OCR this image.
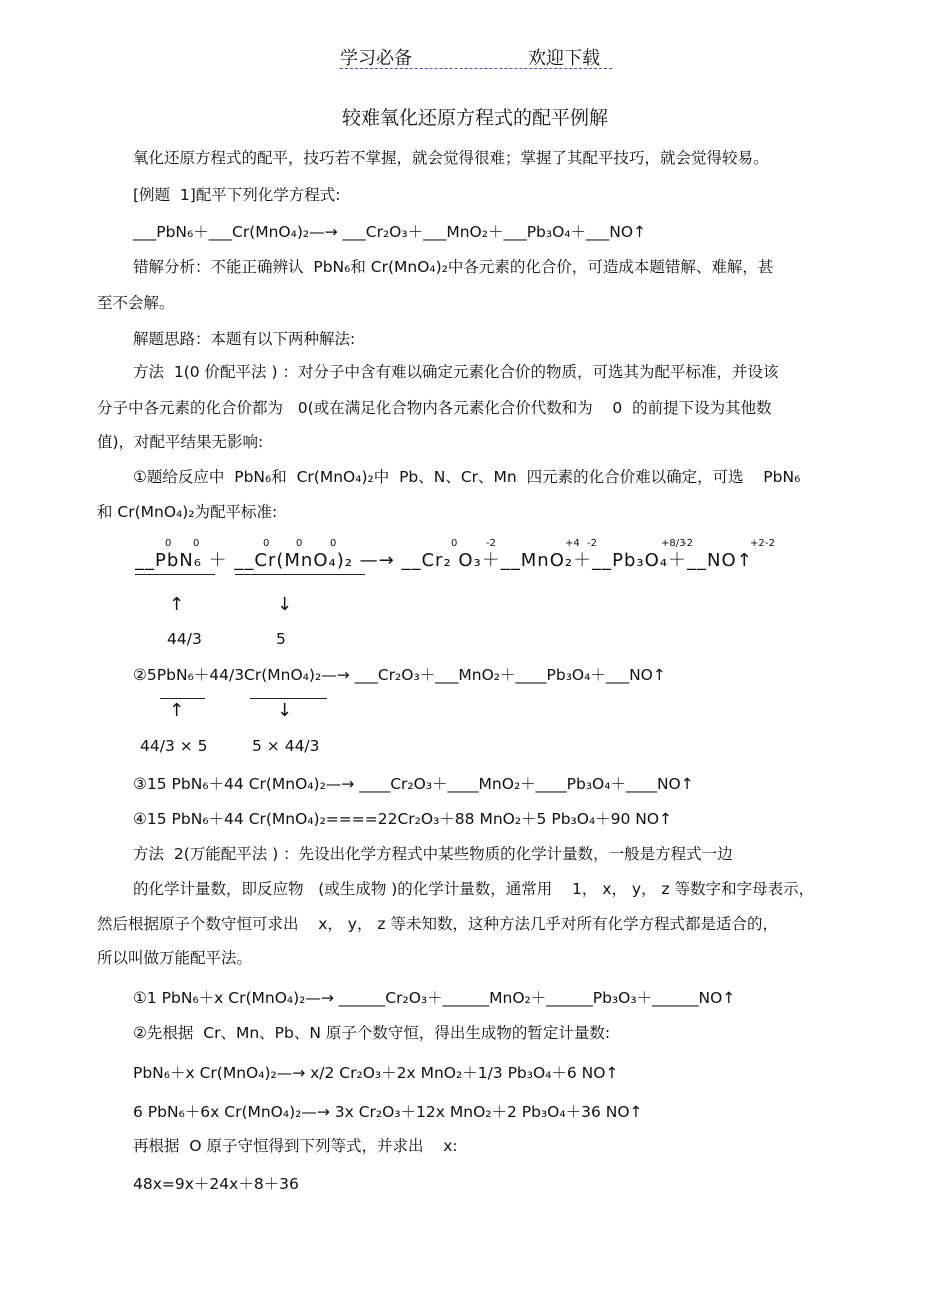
学习必备	欢迎下载
较难氧化还原方程式的配平例解
氧化还原方程式的配平，技巧若不掌握，就会觉得很难；掌握了其配平技巧，就会觉得较易。
[例题  1]配平下列化学方程式:
___PbN₆＋___Cr(MnO₄)₂—→ ___Cr₂O₃＋___MnO₂＋___Pb₃O₄＋___NO↑
错解分析：不能正确辨认  PbN₆和 Cr(MnO₄)₂中各元素的化合价，可造成本题错解、难解，甚
至不会解。
解题思路：本题有以下两种解法:
方法  1(0 价配平法 ) ：对分子中含有难以确定元素化合价的物质，可选其为配平标准，并设该
分子中各元素的化合价都为   0(或在满足化合物内各元素化合价代数和为    0  的前提下设为其他数
值)，对配平结果无影响:
①题给反应中  PbN₆和  Cr(MnO₄)₂中  Pb、N、Cr、Mn  四元素的化合价难以确定，可选    PbN₆
和 Cr(MnO₄)₂为配平标准:
0 0	0	0	0	0	-2	+4 -2	+8/3
-2	+2 -2
__PbN₆ ＋ __Cr(MnO₄)₂ —→ __Cr₂ O₃＋__MnO₂＋__Pb₃O₄＋__NO↑
↑	↓
44/3	5
②5PbN₆＋44/3Cr(MnO₄)₂—→ ___Cr₂O₃＋___MnO₂＋____Pb₃O₄＋___NO↑
↑	↓
44/3 × 5	5 × 44/3
③15 PbN₆＋44 Cr(MnO₄)₂—→ ____Cr₂O₃＋____MnO₂＋____Pb₃O₄＋____NO↑
④15 PbN₆＋44 Cr(MnO₄)₂====22Cr₂O₃＋88 MnO₂＋5 Pb₃O₄＋90 NO↑
方法  2(万能配平法 ) ：先设出化学方程式中某些物质的化学计量数，一般是方程式一边
的化学计量数，即反应物   (或生成物 )的化学计量数，通常用    1， x， y， z 等数字和字母表示，
然后根据原子个数守恒可求出    x， y， z 等未知数，这种方法几乎对所有化学方程式都是适合的，
所以叫做万能配平法。
①1 PbN₆＋x Cr(MnO₄)₂—→ ______Cr₂O₃＋______MnO₂＋______Pb₃O₃＋______NO↑
②先根据  Cr、Mn、Pb、N 原子个数守恒，得出生成物的暂定计量数:
PbN₆＋x Cr(MnO₄)₂—→ x/2 Cr₂O₃＋2x MnO₂＋1/3 Pb₃O₄＋6 NO↑
6 PbN₆＋6x Cr(MnO₄)₂—→ 3x Cr₂O₃＋12x MnO₂＋2 Pb₃O₄＋36 NO↑
再根据  O 原子守恒得到下列等式，并求出    x:
48x=9x＋24x＋8＋36
